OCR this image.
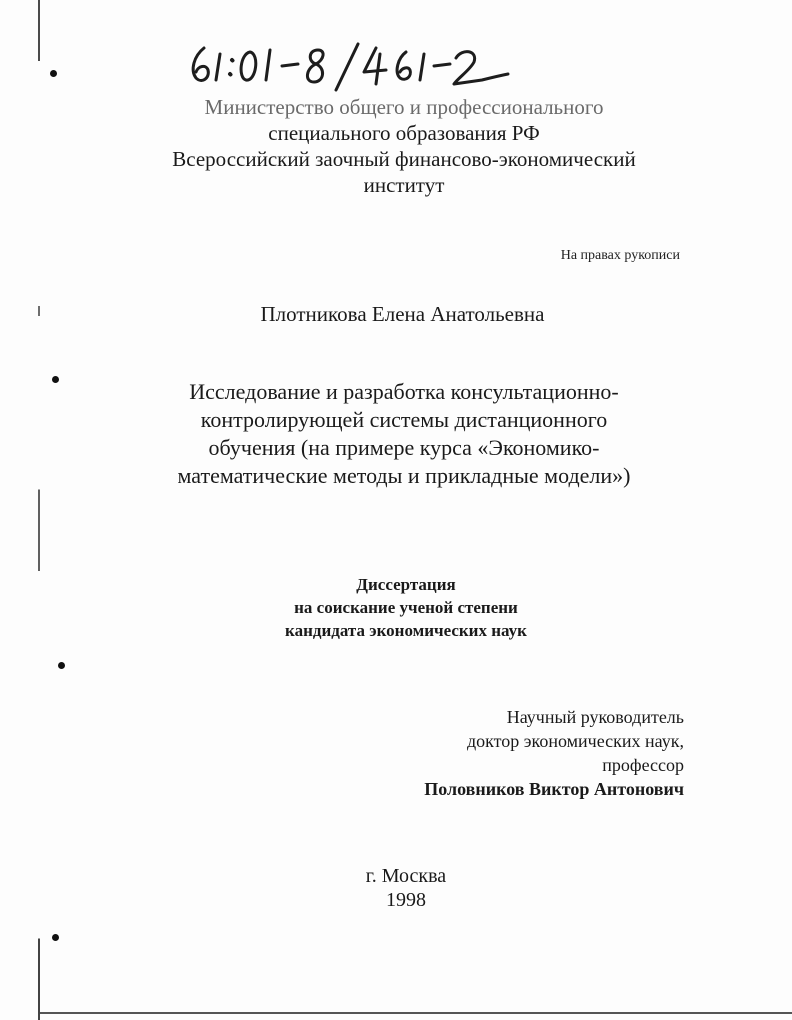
Министерство общего и профессионального
специального образования РФ
Всероссийский заочный финансово-экономический
институт
На правах рукописи
Плотникова Елена Анатольевна
Исследование и разработка консультационно-
контролирующей системы дистанционного
обучения (на примере курса «Экономико-
математические методы и прикладные модели»)
Диссертация
на соискание ученой степени
кандидата экономических наук
Научный руководитель
доктор экономических наук,
профессор
Половников Виктор Антонович
г. Москва
1998
